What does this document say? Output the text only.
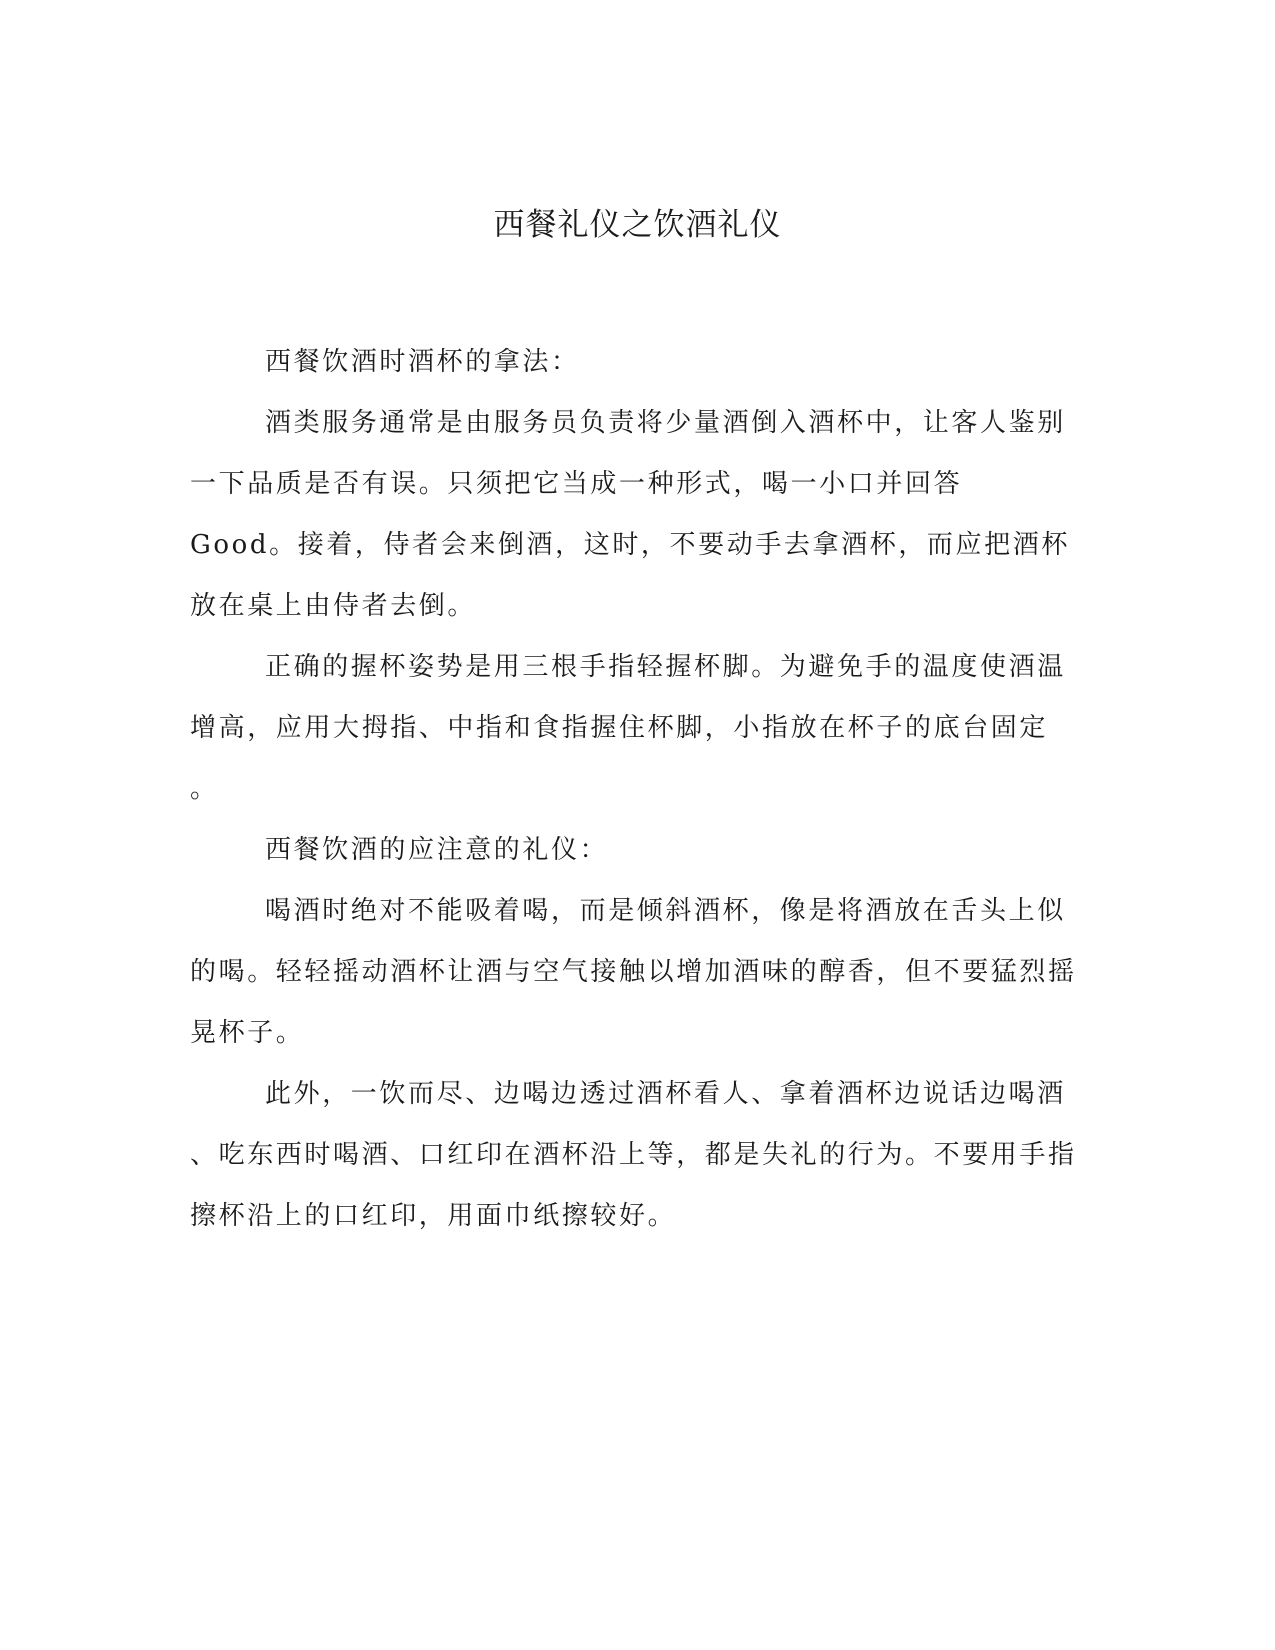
西餐礼仪之饮酒礼仪

西餐饮酒时酒杯的拿法：

酒类服务通常是由服务员负责将少量酒倒入酒杯中，让客人鉴别一下品质是否有误。只须把它当成一种形式，喝一小口并回答 Good。接着，侍者会来倒酒，这时，不要动手去拿酒杯，而应把酒杯放在桌上由侍者去倒。

正确的握杯姿势是用三根手指轻握杯脚。为避免手的温度使酒温增高，应用大拇指、中指和食指握住杯脚，小指放在杯子的底台固定

。

西餐饮酒的应注意的礼仪：

喝酒时绝对不能吸着喝，而是倾斜酒杯，像是将酒放在舌头上似的喝。轻轻摇动酒杯让酒与空气接触以增加酒味的醇香，但不要猛烈摇晃杯子。

此外，一饮而尽、边喝边透过酒杯看人、拿着酒杯边说话边喝酒

、吃东西时喝酒、口红印在酒杯沿上等，都是失礼的行为。不要用手指擦杯沿上的口红印，用面巾纸擦较好。
